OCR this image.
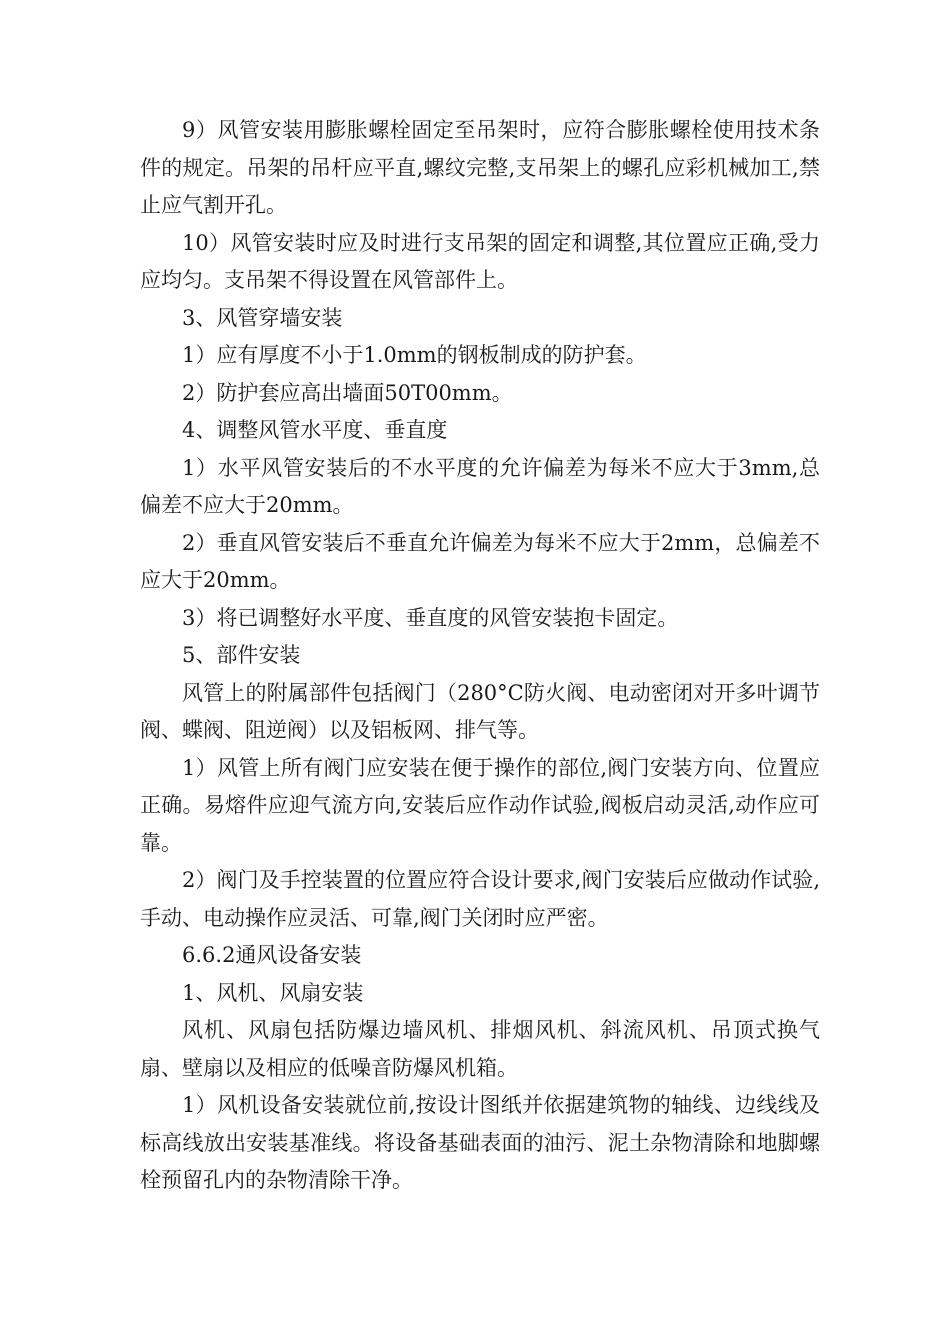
9）风管安装用膨胀螺栓固定至吊架时，应符合膨胀螺栓使用技术条件的规定。吊架的吊杆应平直,螺纹完整,支吊架上的螺孔应彩机械加工,禁止应气割开孔。

10）风管安装时应及时进行支吊架的固定和调整,其位置应正确,受力应均匀。支吊架不得设置在风管部件上。

3、风管穿墙安装

1）应有厚度不小于1.0mm的钢板制成的防护套。

2）防护套应高出墙面50T00mm。

4、调整风管水平度、垂直度

1）水平风管安装后的不水平度的允许偏差为每米不应大于3mm,总偏差不应大于20mm。

2）垂直风管安装后不垂直允许偏差为每米不应大于2mm，总偏差不应大于20mm。

3）将已调整好水平度、垂直度的风管安装抱卡固定。

5、部件安装

风管上的附属部件包括阀门（280°C防火阀、电动密闭对开多叶调节阀、蝶阀、阻逆阀）以及铝板网、排气等。

1）风管上所有阀门应安装在便于操作的部位,阀门安装方向、位置应正确。易熔件应迎气流方向,安装后应作动作试验,阀板启动灵活,动作应可靠。

2）阀门及手控装置的位置应符合设计要求,阀门安装后应做动作试验,手动、电动操作应灵活、可靠,阀门关闭时应严密。

6.6.2通风设备安装

1、风机、风扇安装

风机、风扇包括防爆边墙风机、排烟风机、斜流风机、吊顶式换气扇、壁扇以及相应的低噪音防爆风机箱。

1）风机设备安装就位前,按设计图纸并依据建筑物的轴线、边线线及标高线放出安装基准线。将设备基础表面的油污、泥土杂物清除和地脚螺栓预留孔内的杂物清除干净。
